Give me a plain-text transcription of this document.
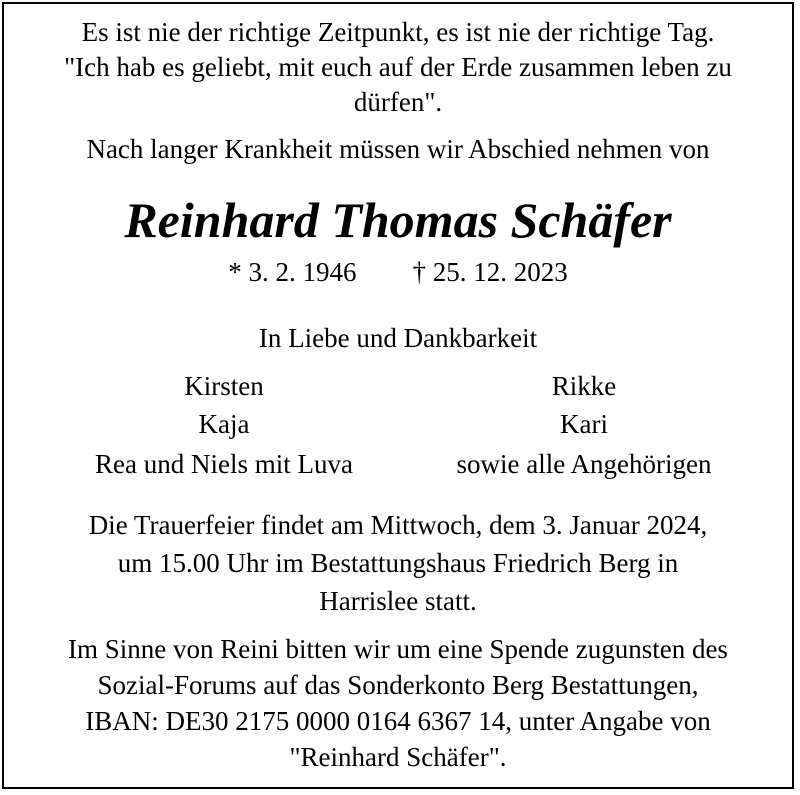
Es ist nie der richtige Zeitpunkt, es ist nie der richtige Tag.
"Ich hab es geliebt, mit euch auf der Erde zusammen leben zu
dürfen".
Nach langer Krankheit müssen wir Abschied nehmen von
Reinhard Thomas Schäfer
* 3. 2. 1946 † 25. 12. 2023
In Liebe und Dankbarkeit
Kirsten
Kaja
Rea und Niels mit Luva
Rikke
Kari
sowie alle Angehörigen
Die Trauerfeier findet am Mittwoch, dem 3. Januar 2024,
um 15.00 Uhr im Bestattungshaus Friedrich Berg in
Harrislee statt.
Im Sinne von Reini bitten wir um eine Spende zugunsten des
Sozial-Forums auf das Sonderkonto Berg Bestattungen,
IBAN: DE30 2175 0000 0164 6367 14, unter Angabe von
"Reinhard Schäfer".
